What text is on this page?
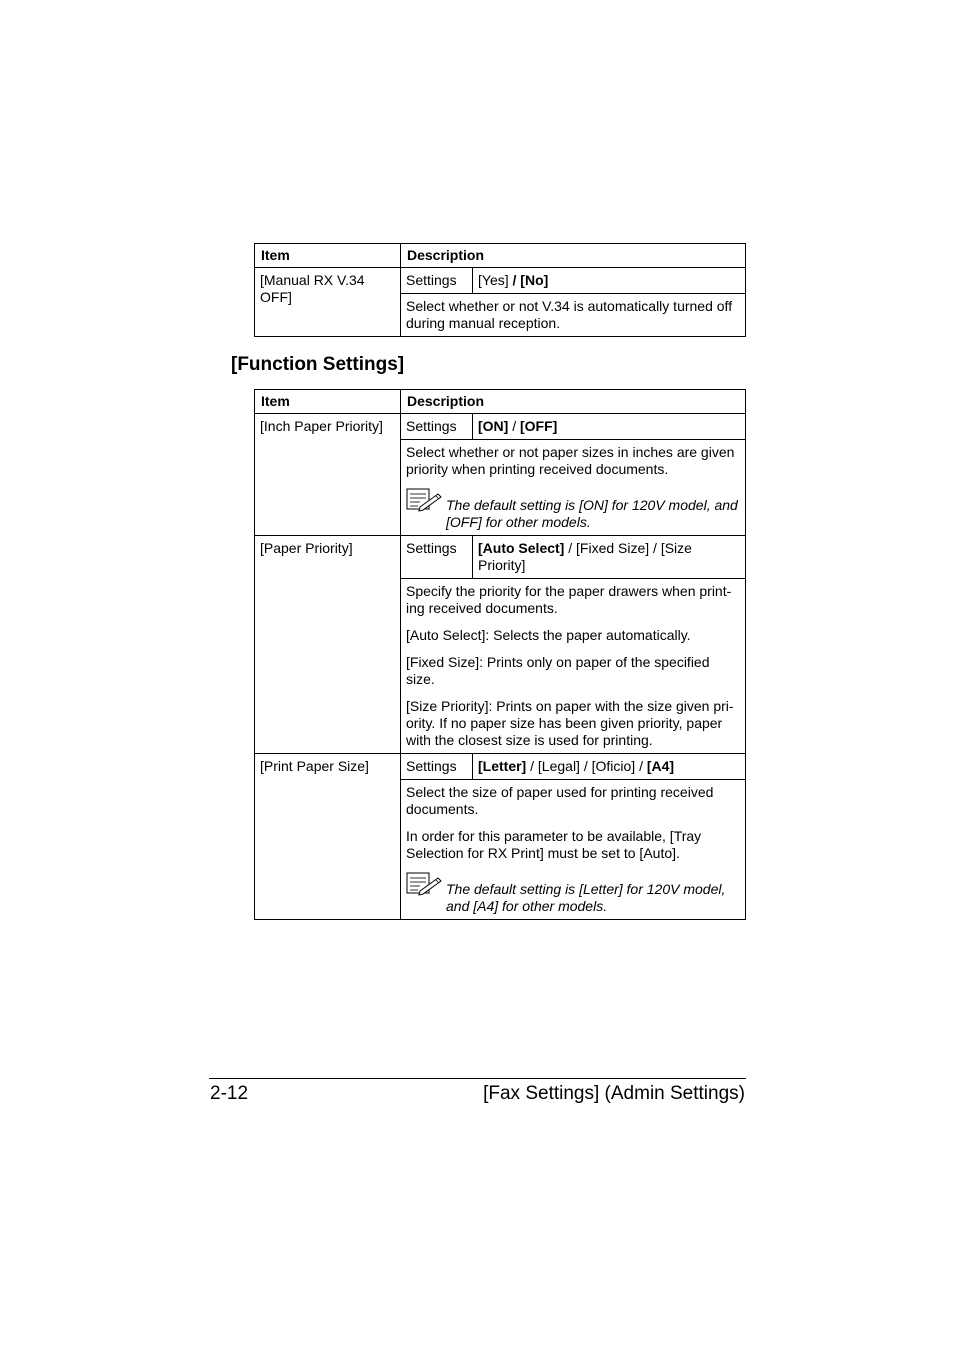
Item	Description	
[Manual RX V.34 OFF]	Settings	[Yes] / [No]

	Select whether or not V.34 is automatically turned off during manual reception.	

[Function Settings]
Item	Description	
[Inch Paper Priority]	Settings	[ON] / [OFF]

	Select whether or not paper sizes in inches are given priority when printing received documents.

The default setting is [ON] for 120V model, and [OFF] for other models.	

[Paper Priority]	Settings	[Auto Select] / [Fixed Size] / [Size Priority]

	Specify the priority for the paper drawers when print-ing received documents.

[Auto Select]: Selects the paper automatically.

[Fixed Size]: Prints only on paper of the specified size.

[Size Priority]: Prints on paper with the size given pri-ority. If no paper size has been given priority, paper with the closest size is used for printing.	

[Print Paper Size]	Settings	[Letter] / [Legal] / [Oficio] / [A4]

	Select the size of paper used for printing received documents.

In order for this parameter to be available, [Tray Selection for RX Print] must be set to [Auto].

The default setting is [Letter] for 120V model, and [A4] for other models.	
2-12	[Fax Settings] (Admin Settings)
